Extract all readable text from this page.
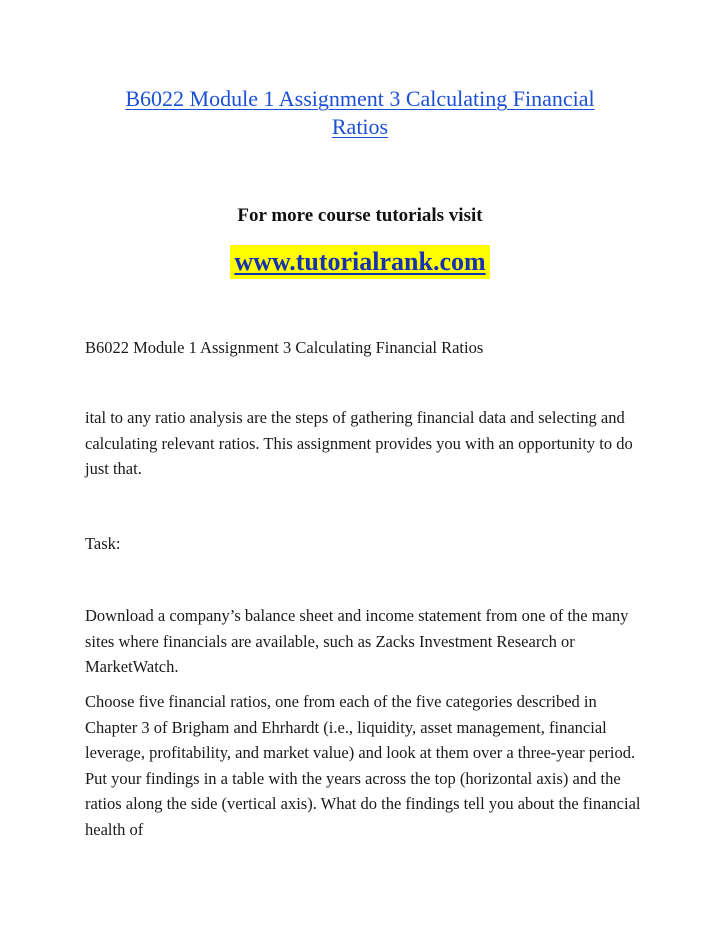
B6022 Module 1 Assignment 3 Calculating Financial Ratios
For more course tutorials visit
www.tutorialrank.com

B6022 Module 1 Assignment 3 Calculating Financial Ratios

ital to any ratio analysis are the steps of gathering financial data and selecting and calculating relevant ratios. This assignment provides you with an opportunity to do just that.

Task:

Download a company’s balance sheet and income statement from one of the many sites where financials are available, such as Zacks Investment Research or MarketWatch.

Choose five financial ratios, one from each of the five categories described in Chapter 3 of Brigham and Ehrhardt (i.e., liquidity, asset management, financial leverage, profitability, and market value) and look at them over a three-year period. Put your findings in a table with the years across the top (horizontal axis) and the ratios along the side (vertical axis). What do the findings tell you about the financial health of
